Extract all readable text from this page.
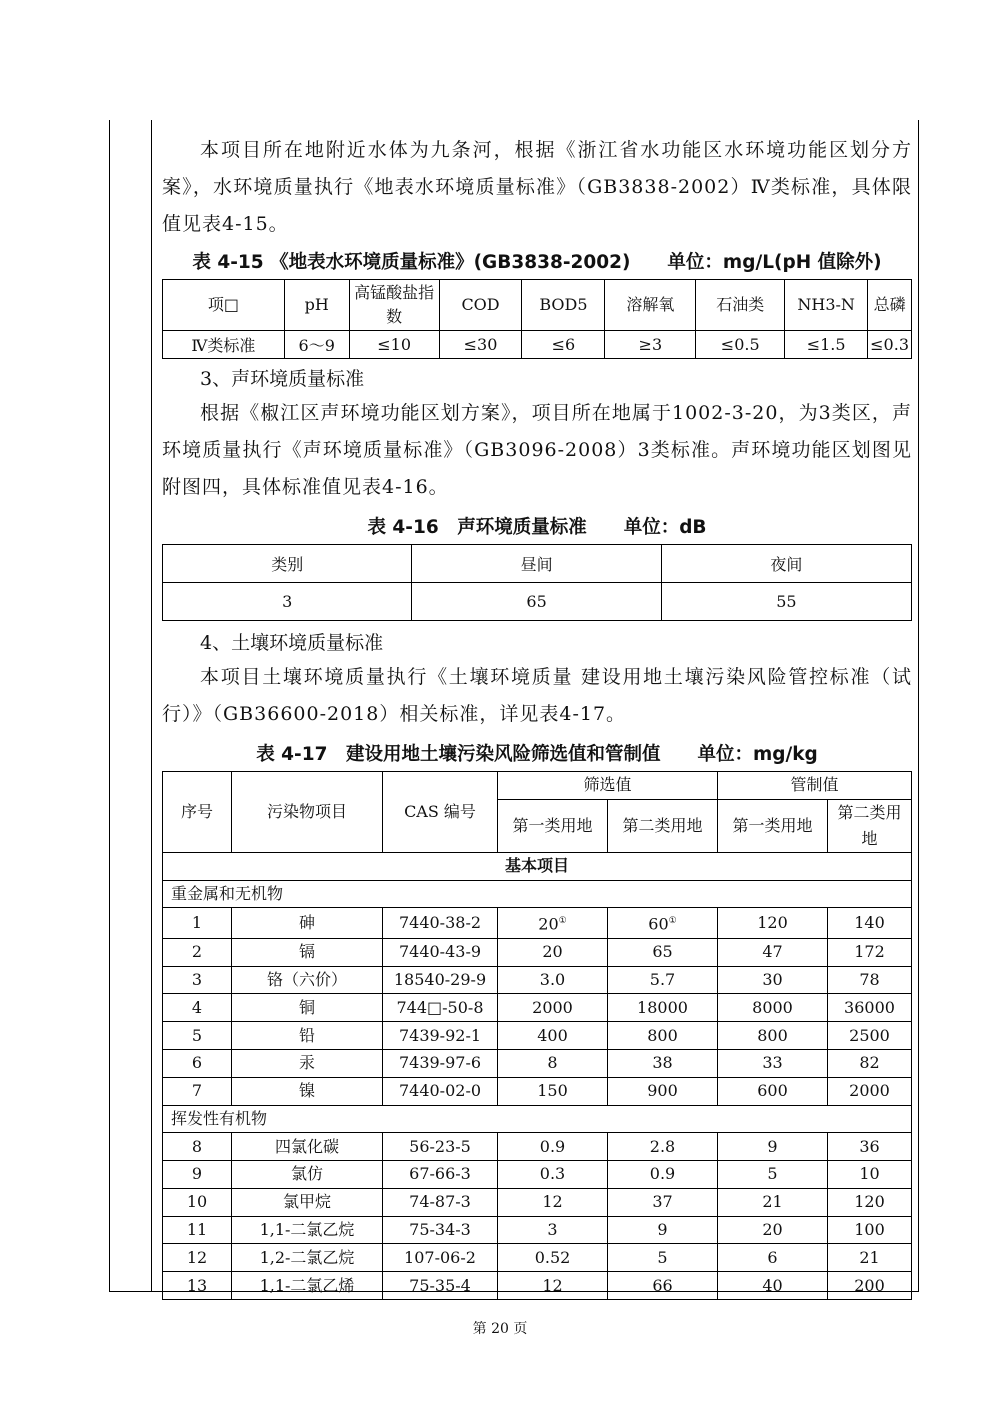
本项目所在地附近水体为九条河，根据《浙江省水功能区水环境功能区划分方案》，水环境质量执行《地表水环境质量标准》（GB3838-2002）Ⅳ类标准，具体限值见表4-15。

表 4-15 《地表水环境质量标准》(GB3838-2002)　　单位：mg/L(pH 值除外)

项□	pH	高锰酸盐指数	COD	BOD5	溶解氧	石油类	NH3-N	总磷
Ⅳ类标准	6～9	≤10	≤30	≤6	≥3	≤0.5	≤1.5	≤0.3

3、声环境质量标准

根据《椒江区声环境功能区划方案》，项目所在地属于1002-3-20，为3类区，声环境质量执行《声环境质量标准》（GB3096-2008）3类标准。声环境功能区划图见附图四，具体标准值见表4-16。

表 4-16　声环境质量标准　　单位：dB

类别	昼间	夜间
3	65	55

4、土壤环境质量标准

本项目土壤环境质量执行《土壤环境质量 建设用地土壤污染风险管控标准（试行）》（GB36600-2018）相关标准，详见表4-17。

表 4-17　建设用地土壤污染风险筛选值和管制值　　单位：mg/kg

序号	污染物项目	CAS 编号	筛选值		管制值	
			第一类用地	第二类用地	第一类用地	第二类用地

基本项目						
重金属和无机物						
1	砷	7440-38-2	20①	60①	120	140
2	镉	7440-43-9	20	65	47	172
3	铬（六价）	18540-29-9	3.0	5.7	30	78
4	铜	744□-50-8	2000	18000	8000	36000
5	铅	7439-92-1	400	800	800	2500
6	汞	7439-97-6	8	38	33	82
7	镍	7440-02-0	150	900	600	2000
挥发性有机物						
8	四氯化碳	56-23-5	0.9	2.8	9	36
9	氯仿	67-66-3	0.3	0.9	5	10
10	氯甲烷	74-87-3	12	37	21	120
11	1,1-二氯乙烷	75-34-3	3	9	20	100
12	1,2-二氯乙烷	107-06-2	0.52	5	6	21
13	1,1-二氯乙烯	75-35-4	12	66	40	200
第 20 页
